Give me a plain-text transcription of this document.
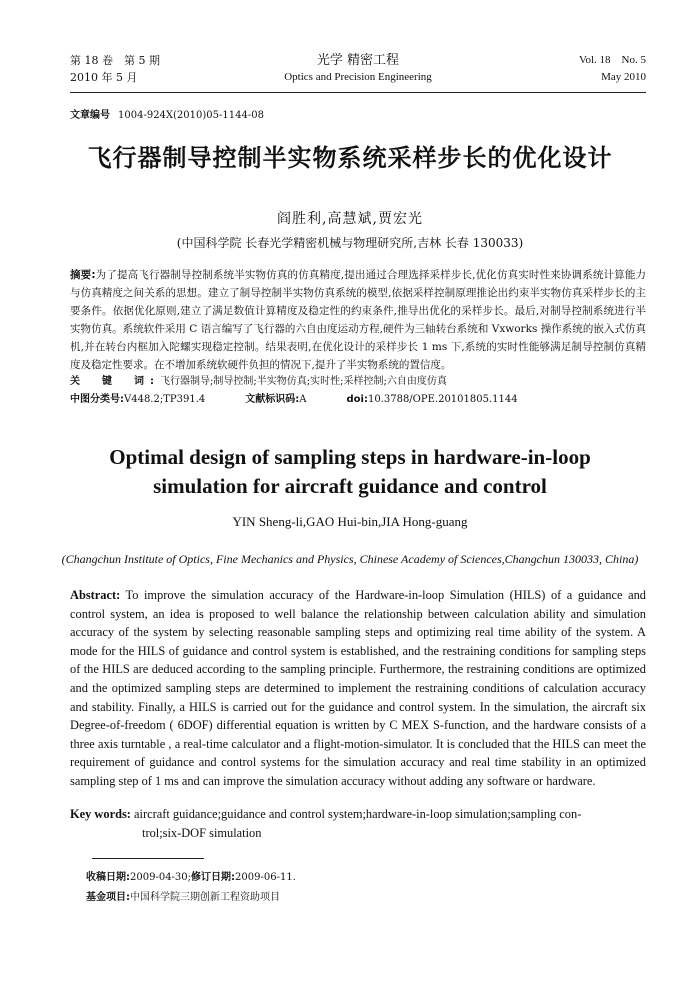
第 18 卷　第 5 期
2010 年 5 月
光学 精密工程
Optics and Precision Engineering
Vol. 18　No. 5
May 2010
文章编号 1004-924X(2010)05-1144-08
飞行器制导控制半实物系统采样步长的优化设计
阎胜利,高慧斌,贾宏光
(中国科学院 长春光学精密机械与物理研究所,吉林 长春 130033)
摘要:为了提高飞行器制导控制系统半实物仿真的仿真精度,提出通过合理选择采样步长,优化仿真实时性来协调系统计算能力与仿真精度之间关系的思想。建立了制导控制半实物仿真系统的模型,依据采样控制原理推论出约束半实物仿真采样步长的主要条件。依据优化原则,建立了满足数值计算精度及稳定性的约束条件,推导出优化的采样步长。最后,对制导控制系统进行半实物仿真。系统软件采用 C 语言编写了飞行器的六自由度运动方程,硬件为三轴转台系统和 Vxworks 操作系统的嵌入式仿真机,并在转台内框加入陀螺实现稳定控制。结果表明,在优化设计的采样步长 1 ms 下,系统的实时性能够满足制导控制仿真精度及稳定性要求。在不增加系统软硬件负担的情况下,提升了半实物系统的置信度。
关　键　词:飞行器制导;制导控制;半实物仿真;实时性;采样控制;六自由度仿真
中图分类号:V448.2;TP391.4	文献标识码:A	doi:10.3788/OPE.20101805.1144
Optimal design of sampling steps in hardware-in-loop
simulation for aircraft guidance and control
YIN Sheng-li,GAO Hui-bin,JIA Hong-guang
(Changchun Institute of Optics, Fine Mechanics and Physics, Chinese Academy of Sciences,Changchun 130033, China)
Abstract: To improve the simulation accuracy of the Hardware-in-loop Simulation (HILS) of a guidance and control system, an idea is proposed to well balance the relationship between calculation ability and simulation accuracy of the system by selecting reasonable sampling steps and optimizing real time ability of the system. A mode for the HILS of guidance and control system is established, and the restraining conditions for sampling steps of the HILS are deduced according to the sampling principle. Furthermore, the restraining conditions are optimized and the optimized sampling steps are determined to implement the restraining conditions of calculation accuracy and stability. Finally, a HILS is carried out for the guidance and control system. In the simulation, the aircraft six Degree-of-freedom ( 6DOF) differential equation is written by C MEX S-function, and the hardware consists of a three axis turntable , a real-time calculator and a flight-motion-simulator. It is concluded that the HILS can meet the requirement of guidance and control systems for the simulation accuracy and real time stability in an optimized sampling step of 1 ms and can improve the simulation accuracy without adding any software or hardware.
Key words: aircraft guidance;guidance and control system;hardware-in-loop simulation;sampling con-
trol;six-DOF simulation
收稿日期:2009-04-30;修订日期:2009-06-11.
基金项目:中国科学院三期创新工程资助项目
